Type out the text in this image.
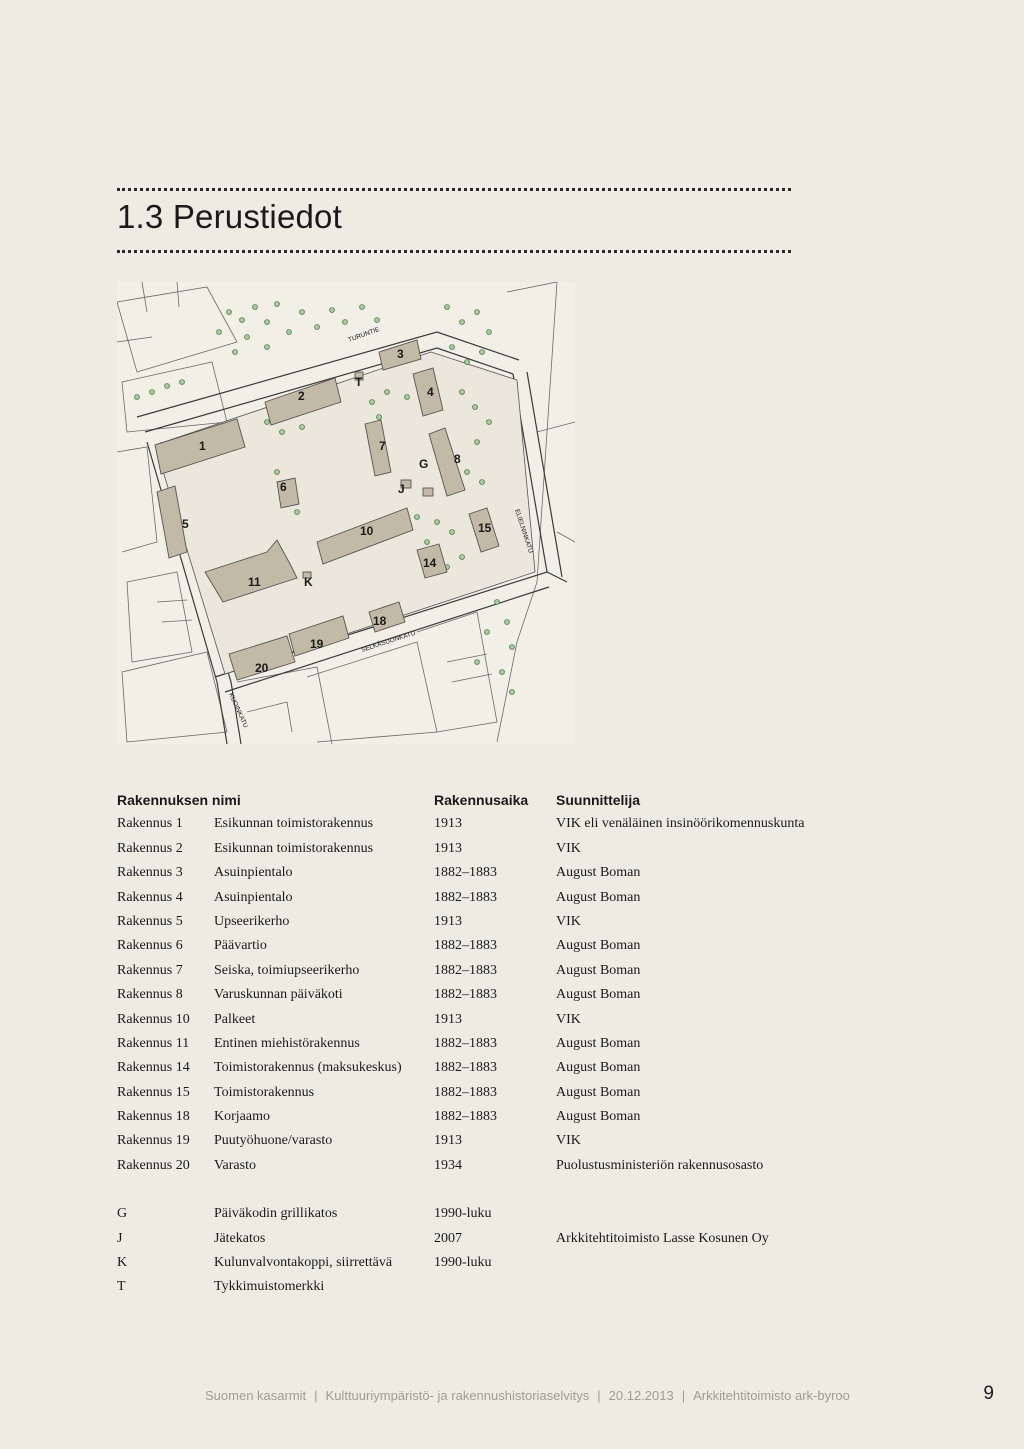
1.3 Perustiedot
TURUNTIE
ELIELNINKATU
SELKÄSUONKATU
KUOINKATU
1
2
3
4
5
6
7
8
10
11
14
15
18
19
20
G
J
K
T
Rakennuksen nimi	Rakennusaika Suunnittelija
Rakennus 1 Esikunnan toimistorakennus	1913	VIK eli venäläinen insinöörikomennuskunta
Rakennus 2 Esikunnan toimistorakennus	1913	VIK
Rakennus 3 Asuinpientalo	1882–1883	August Boman
Rakennus 4 Asuinpientalo	1882–1883	August Boman
Rakennus 5 Upseerikerho	1913	VIK
Rakennus 6 Päävartio	1882–1883	August Boman
Rakennus 7 Seiska, toimiupseerikerho	1882–1883	August Boman
Rakennus 8 Varuskunnan päiväkoti	1882–1883	August Boman
Rakennus 10 Palkeet	1913	VIK
Rakennus 11 Entinen miehistörakennus	1882–1883	August Boman
Rakennus 14 Toimistorakennus (maksukeskus) 1882–1883	August Boman
Rakennus 15 Toimistorakennus	1882–1883	August Boman
Rakennus 18 Korjaamo	1882–1883	August Boman
Rakennus 19 Puutyöhuone/varasto	1913	VIK
Rakennus 20 Varasto	1934	Puolustusministeriön rakennusosasto
G	Päiväkodin grillikatos	1990-luku
J	Jätekatos	2007	Arkkitehtitoimisto Lasse Kosunen Oy
K	Kulunvalvontakoppi, siirrettävä	1990-luku
T	Tykkimuistomerkki
Suomen kasarmit | Kulttuuriympäristö- ja rakennushistoriaselvitys | 20.12.2013 | Arkkitehtitoimisto ark-byroo	9
